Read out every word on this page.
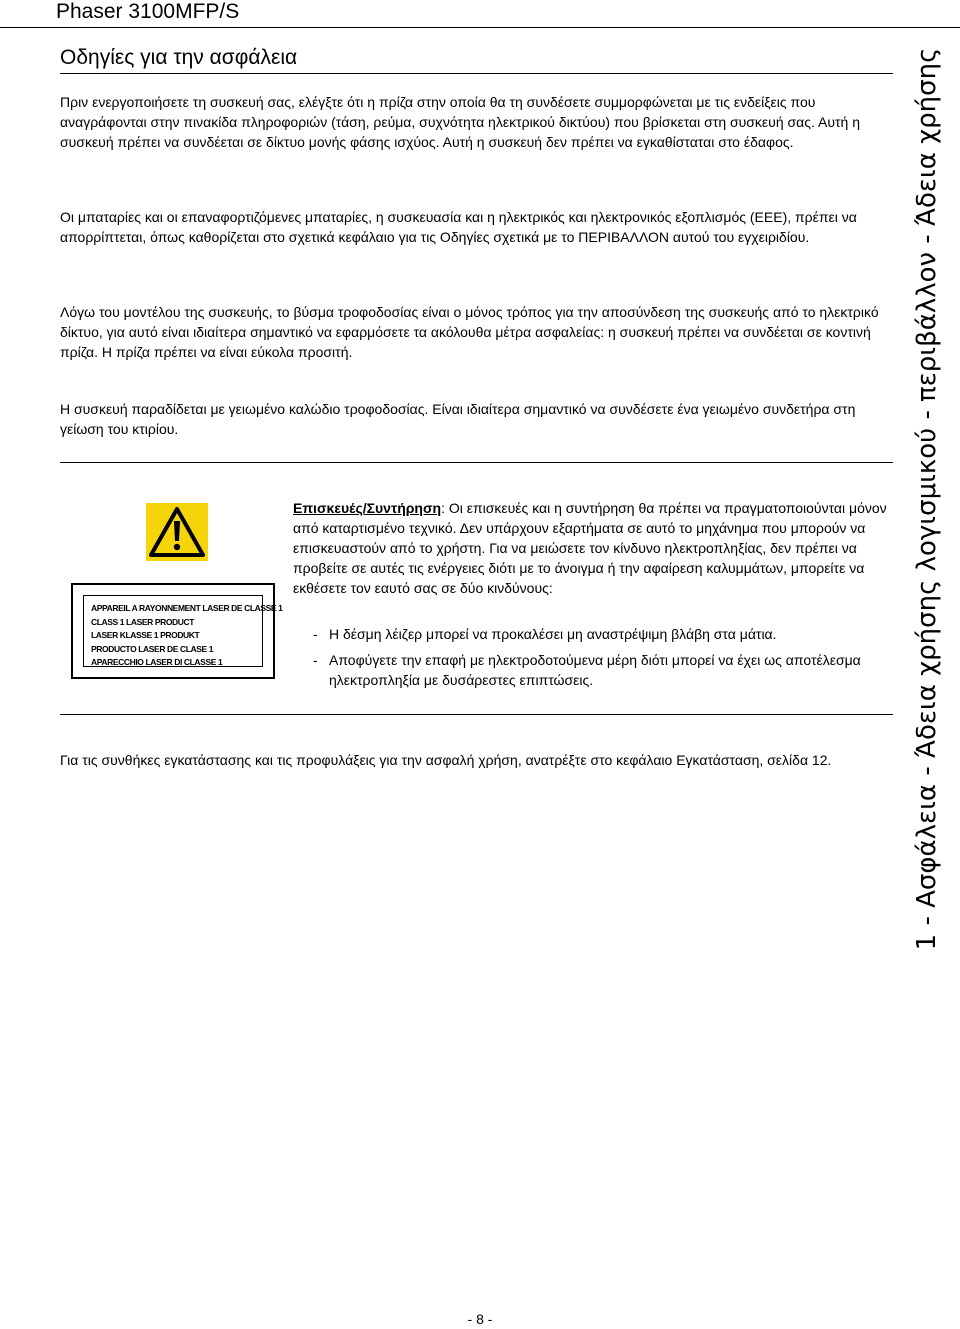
Phaser 3100MFP/S
Οδηγίες για την ασφάλεια

Πριν ενεργοποιήσετε τη συσκευή σας, ελέγξτε ότι η πρίζα στην οποία θα τη συνδέσετε συμμορφώνεται με τις ενδείξεις που αναγράφονται στην πινακίδα πληροφοριών (τάση, ρεύμα, συχνότητα ηλεκτρικού δικτύου) που βρίσκεται στη συσκευή σας. Αυτή η συσκευή πρέπει να συνδέεται σε δίκτυο μονής φάσης ισχύος. Αυτή η συσκευή δεν πρέπει να εγκαθίσταται στο έδαφος.

Οι μπαταρίες και οι επαναφορτιζόμενες μπαταρίες, η συσκευασία και η ηλεκτρικός και ηλεκτρονικός εξοπλισμός (ΕΕΕ), πρέπει να απορρίπτεται, όπως καθορίζεται στο σχετικά κεφάλαιο για τις Οδηγίες σχετικά με το ΠΕΡΙΒΑΛΛΟΝ αυτού του εγχειριδίου.

Λόγω του μοντέλου της συσκευής, το βύσμα τροφοδοσίας είναι ο μόνος τρόπος για την αποσύνδεση της συσκευής από το ηλεκτρικό δίκτυο, για αυτό είναι ιδιαίτερα σημαντικό να εφαρμόσετε τα ακόλουθα μέτρα ασφαλείας: η συσκευή πρέπει να συνδέεται σε κοντινή πρίζα. Η πρίζα πρέπει να είναι εύκολα προσιτή.

Η συσκευή παραδίδεται με γειωμένο καλώδιο τροφοδοσίας. Είναι ιδιαίτερα σημαντικό να συνδέσετε ένα γειωμένο συνδετήρα στη γείωση του κτιρίου.

APPAREIL A RAYONNEMENT LASER DE CLASSE 1
CLASS 1 LASER PRODUCT
LASER KLASSE 1 PRODUKT
PRODUCTO LASER DE CLASE 1
APARECCHIO LASER DI CLASSE 1

Επισκευές/Συντήρηση: Οι επισκευές και η συντήρηση θα πρέπει να πραγματοποιούνται μόνον από καταρτισμένο τεχνικό. Δεν υπάρχουν εξαρτήματα σε αυτό το μηχάνημα που μπορούν να επισκευαστούν από το χρήστη. Για να μειώσετε τον κίνδυνο ηλεκτροπληξίας, δεν πρέπει να προβείτε σε αυτές τις ενέργειες διότι με το άνοιγμα ή την αφαίρεση καλυμμάτων, μπορείτε να εκθέσετε τον εαυτό σας σε δύο κινδύνους:

- Η δέσμη λέιζερ μπορεί να προκαλέσει μη αναστρέψιμη βλάβη στα μάτια.
- Αποφύγετε την επαφή με ηλεκτροδοτούμενα μέρη διότι μπορεί να έχει ως αποτέλεσμα ηλεκτροπληξία με δυσάρεστες επιπτώσεις.

Για τις συνθήκες εγκατάστασης και τις προφυλάξεις για την ασφαλή χρήση, ανατρέξτε στο κεφάλαιο Εγκατάσταση, σελίδα 12.	1 - Ασφάλεια - Άδεια χρήσης λογισμικού - περιβάλλον - Άδεια χρήσης
- 8 -
